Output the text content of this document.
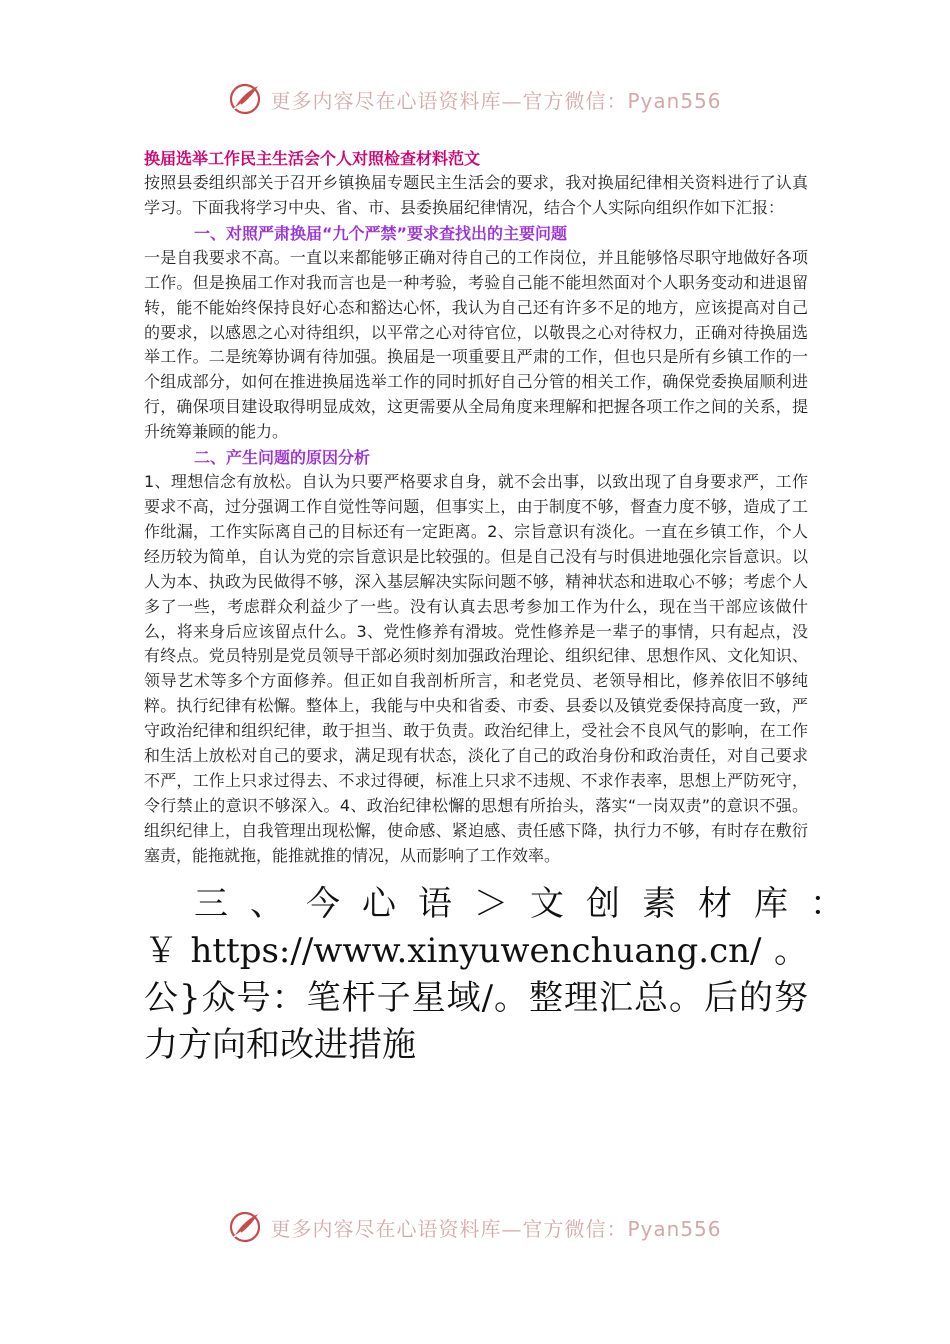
更多内容尽在心语资料库—官方微信：Pyan556

换届选举工作民主生活会个人对照检查材料范文

按照县委组织部关于召开乡镇换届专题民主生活会的要求，我对换届纪律相关资料进行了认真学习。下面我将学习中央、省、市、县委换届纪律情况，结合个人实际向组织作如下汇报：

一、对照严肃换届“九个严禁”要求查找出的主要问题

一是自我要求不高。一直以来都能够正确对待自己的工作岗位，并且能够恪尽职守地做好各项工作。但是换届工作对我而言也是一种考验，考验自己能不能坦然面对个人职务变动和进退留转，能不能始终保持良好心态和豁达心怀，我认为自己还有许多不足的地方，应该提高对自己的要求，以感恩之心对待组织，以平常之心对待官位，以敬畏之心对待权力，正确对待换届选举工作。二是统筹协调有待加强。换届是一项重要且严肃的工作，但也只是所有乡镇工作的一个组成部分，如何在推进换届选举工作的同时抓好自己分管的相关工作，确保党委换届顺利进行，确保项目建设取得明显成效，这更需要从全局角度来理解和把握各项工作之间的关系，提升统筹兼顾的能力。

二、产生问题的原因分析

1、理想信念有放松。自认为只要严格要求自身，就不会出事，以致出现了自身要求严，工作要求不高，过分强调工作自觉性等问题，但事实上，由于制度不够，督查力度不够，造成了工作纰漏，工作实际离自己的目标还有一定距离。2、宗旨意识有淡化。一直在乡镇工作，个人经历较为简单，自认为党的宗旨意识是比较强的。但是自己没有与时俱进地强化宗旨意识。以人为本、执政为民做得不够，深入基层解决实际问题不够，精神状态和进取心不够；考虑个人多了一些，考虑群众利益少了一些。没有认真去思考参加工作为什么，现在当干部应该做什么，将来身后应该留点什么。3、党性修养有滑坡。党性修养是一辈子的事情，只有起点，没有终点。党员特别是党员领导干部必须时刻加强政治理论、组织纪律、思想作风、文化知识、领导艺术等多个方面修养。但正如自我剖析所言，和老党员、老领导相比，修养依旧不够纯粹。执行纪律有松懈。整体上，我能与中央和省委、市委、县委以及镇党委保持高度一致，严守政治纪律和组织纪律，敢于担当、敢于负责。政治纪律上，受社会不良风气的影响，在工作和生活上放松对自己的要求，满足现有状态，淡化了自己的政治身份和政治责任，对自己要求不严，工作上只求过得去、不求过得硬，标准上只求不违规、不求作表率，思想上严防死守，令行禁止的意识不够深入。4、政治纪律松懈的思想有所抬头，落实“一岗双责”的意识不强。组织纪律上，自我管理出现松懈，使命感、紧迫感、责任感下降，执行力不够，有时存在敷衍塞责，能拖就拖，能推就推的情况，从而影响了工作效率。

三、今心语＞文创素材库：
￥https://www.xinyuwenchuang.cn/。公}众号：笔杆子星域/。整理汇总。后的努力方向和改进措施
更多内容尽在心语资料库—官方微信：Pyan556
